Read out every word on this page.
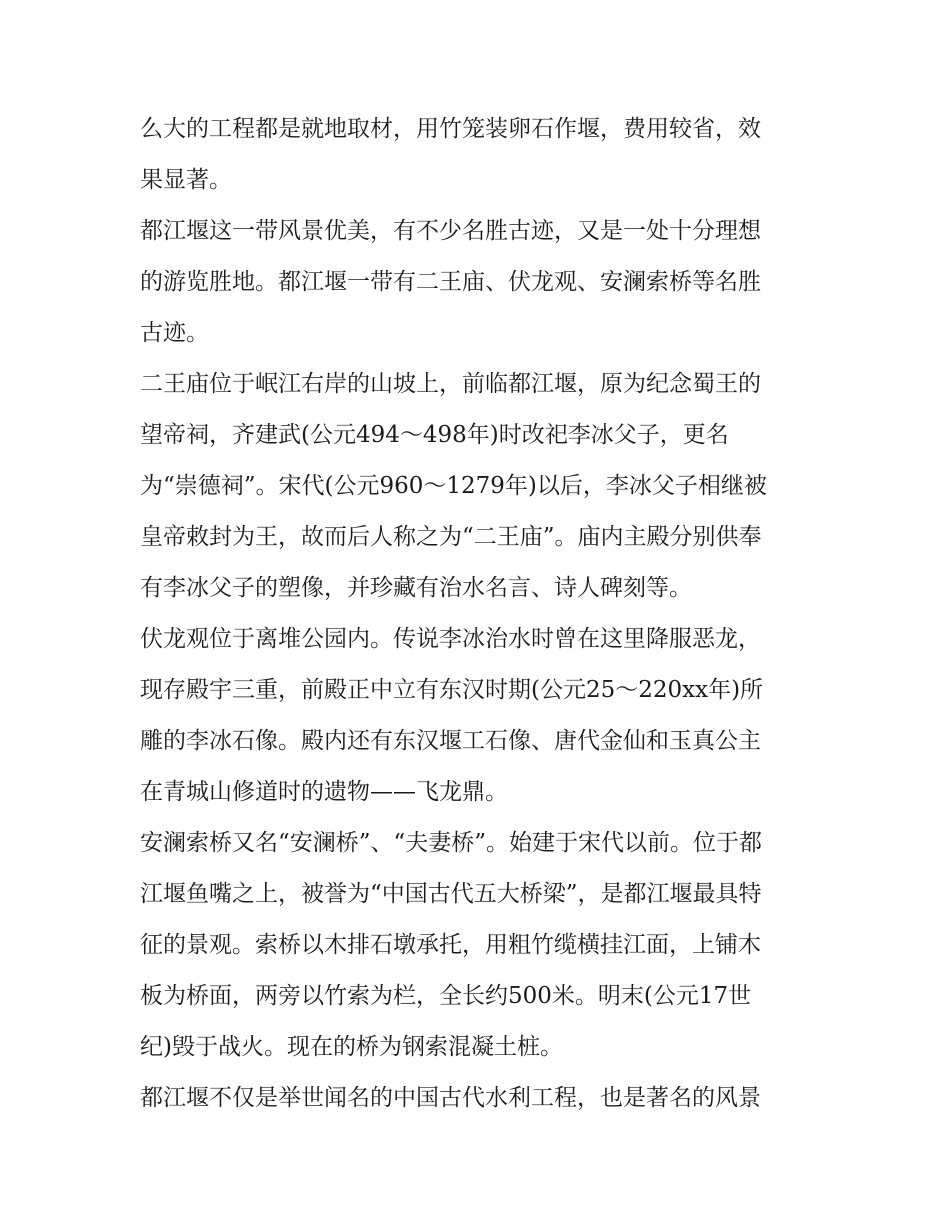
么大的工程都是就地取材，用竹笼装卵石作堰，费用较省，效
果显著。
都江堰这一带风景优美，有不少名胜古迹，又是一处十分理想
的游览胜地。都江堰一带有二王庙、伏龙观、安澜索桥等名胜
古迹。
二王庙位于岷江右岸的山坡上，前临都江堰，原为纪念蜀王的
望帝祠，齐建武(公元494～498年)时改祀李冰父子，更名
为“崇德祠”。宋代(公元960～1279年)以后，李冰父子相继被
皇帝敕封为王，故而后人称之为“二王庙”。庙内主殿分别供奉
有李冰父子的塑像，并珍藏有治水名言、诗人碑刻等。
伏龙观位于离堆公园内。传说李冰治水时曾在这里降服恶龙，
现存殿宇三重，前殿正中立有东汉时期(公元25～220xx年)所
雕的李冰石像。殿内还有东汉堰工石像、唐代金仙和玉真公主
在青城山修道时的遗物——飞龙鼎。
安澜索桥又名“安澜桥”、“夫妻桥”。始建于宋代以前。位于都
江堰鱼嘴之上，被誉为“中国古代五大桥梁”，是都江堰最具特
征的景观。索桥以木排石墩承托，用粗竹缆横挂江面，上铺木
板为桥面，两旁以竹索为栏，全长约500米。明末(公元17世
纪)毁于战火。现在的桥为钢索混凝土桩。
都江堰不仅是举世闻名的中国古代水利工程，也是著名的风景
